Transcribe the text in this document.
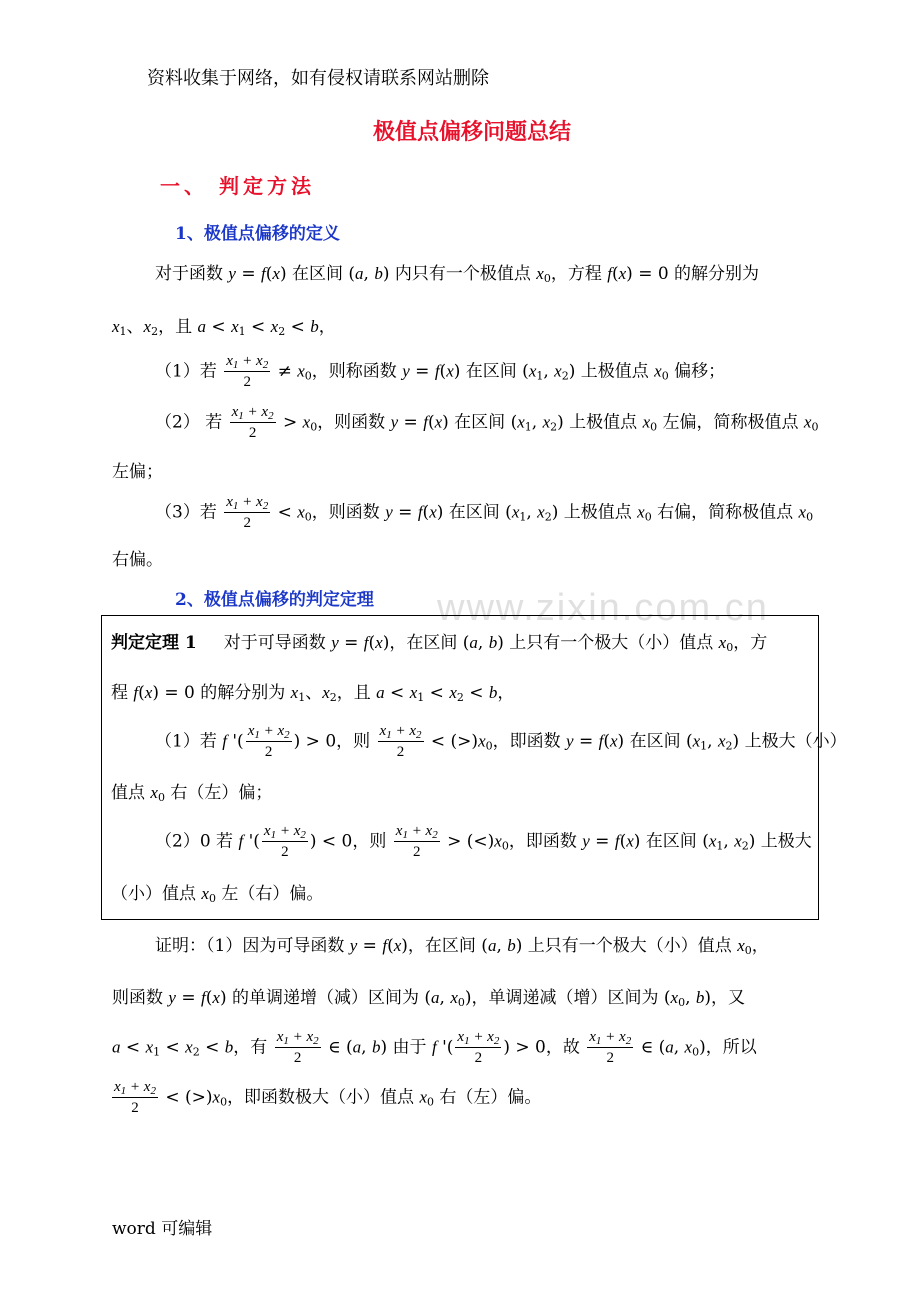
资料收集于网络，如有侵权请联系网站删除
极值点偏移问题总结
一、 判定方法
1、极值点偏移的定义
对于函数 y = f(x) 在区间 (a, b) 内只有一个极值点 $x_0$，方程 f(x) = 0 的解分别为
$x_1$、$x_2$，且 $a < x_1 < x_2 < b$，
（1）若 $\frac{x_1 + x_2}{2} \ne x_0$，则称函数 y = f(x) 在区间 ($x_1$, $x_2$) 上极值点 $x_0$ 偏移；
（2） 若 $\frac{x_1 + x_2}{2} > x_0$，则函数 y = f(x) 在区间 ($x_1$, $x_2$) 上极值点 $x_0$ 左偏，简称极值点 $x_0$
左偏；
（3）若 $\frac{x_1 + x_2}{2} < x_0$，则函数 y = f(x) 在区间 ($x_1$, $x_2$) 上极值点 $x_0$ 右偏，简称极值点 $x_0$
右偏。
2、极值点偏移的判定定理 www.zixin.com.cn
判定定理 1     对于可导函数 y = f(x)，在区间 (a, b) 上只有一个极大（小）值点 $x_0$，方
程 f(x) = 0 的解分别为 $x_1$、$x_2$，且 $a < x_1 < x_2 < b$，
（1）若 f '( $\frac{x_1 + x_2}{2}$ ) > 0，则 $\frac{x_1 + x_2}{2} < (>)x_0$，即函数 y = f(x) 在区间 ($x_1$, $x_2$) 上极大（小）
值点 $x_0$ 右（左）偏；
（2）0 若 f '( $\frac{x_1 + x_2}{2}$ ) < 0，则 $\frac{x_1 + x_2}{2} > (<)x_0$，即函数 y = f(x) 在区间 ($x_1$, $x_2$) 上极大
（小）值点 $x_0$ 左（右）偏。
证明：（1）因为可导函数 y = f(x)，在区间 (a, b) 上只有一个极大（小）值点 $x_0$，
则函数 y = f(x) 的单调递增（减）区间为 (a, $x_0$)，单调递减（增）区间为 ($x_0$, b)，又
$a < x_1 < x_2 < b$，有 $\frac{x_1 + x_2}{2}$ ∈ (a, b) 由于 f '( $\frac{x_1 + x_2}{2}$ ) > 0，故 $\frac{x_1 + x_2}{2}$ ∈ (a, $x_0$)，所以
$\frac{x_1 + x_2}{2} < (>)x_0$，即函数极大（小）值点 $x_0$ 右（左）偏。
word 可编辑
